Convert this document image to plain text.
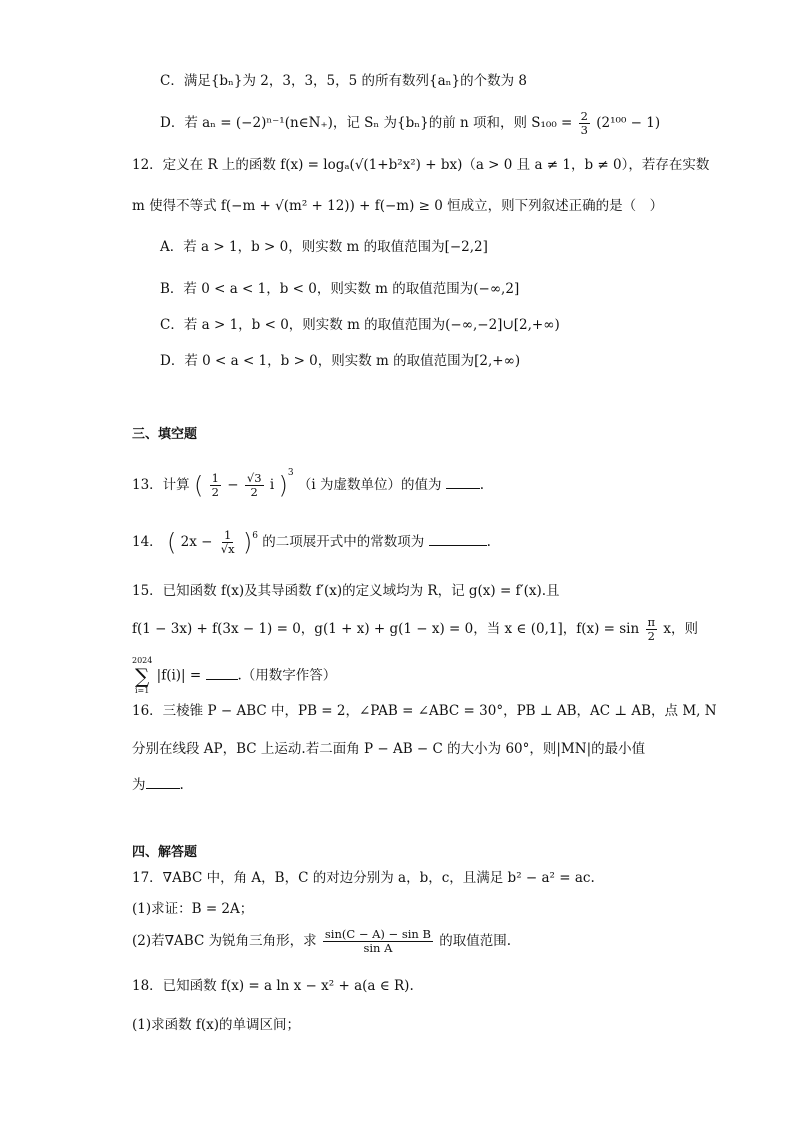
C．满足{bₙ}为 2，3，3，5，5 的所有数列{aₙ}的个数为 8
D．若 aₙ = (−2)ⁿ⁻¹(n∈N₊)，记 Sₙ 为{bₙ}的前 n 项和，则 $S_{100} = \frac{2}{3} (2^{100} - 1)$
12．定义在 R 上的函数 f(x) = logₐ(√(1+b²x²) + bx)（a > 0 且 a ≠ 1，b ≠ 0），若存在实数
m 使得不等式 f(−m + √(m² + 12)) + f(−m) ≥ 0 恒成立，则下列叙述正确的是（　）
A．若 a > 1，b > 0，则实数 m 的取值范围为[−2,2]
B．若 0 < a < 1，b < 0，则实数 m 的取值范围为(−∞,2]
C．若 a > 1，b < 0，则实数 m 的取值范围为(−∞,−2]∪[2,+∞)
D．若 0 < a < 1，b > 0，则实数 m 的取值范围为[2,+∞)
三、填空题
13．计算 ( $\frac{1}{2} - \frac{√3}{2}$ i )$^3$ （i 为虚数单位）的值为	.
14． ( $2x - \frac{1}{√x} )^6$ 的二项展开式中的常数项为	.
15．已知函数 f(x)及其导函数 f′(x)的定义域均为 R，记 g(x) = f′(x).且
f(1 − 3x) + f(3x − 1) = 0，g(1 + x) + g(1 − x) = 0，当 x ∈ (0,1]，$f(x) = \sin \frac{\pi}{2}$ x，则
2024
∑
i=1
|f(i)| =	.（用数字作答）
16．三棱锥 P − ABC 中，PB = 2，∠PAB = ∠ABC = 30°，PB ⊥ AB，AC ⊥ AB，点 M, N
分别在线段 AP，BC 上运动.若二面角 P − AB − C 的大小为 60°，则|MN|的最小值
为	.
四、解答题
17．∇ABC 中，角 A，B，C 的对边分别为 a，b，c，且满足 b² − a² = ac.
(1)求证：B = 2A；
(2)若∇ABC 为锐角三角形，求 $\frac{\text{sin(C − A) − sin B}}{\text{sin A}}$ 的取值范围.
18．已知函数 f(x) = a ln x − x² + a(a ∈ R).
(1)求函数 f(x)的单调区间；
